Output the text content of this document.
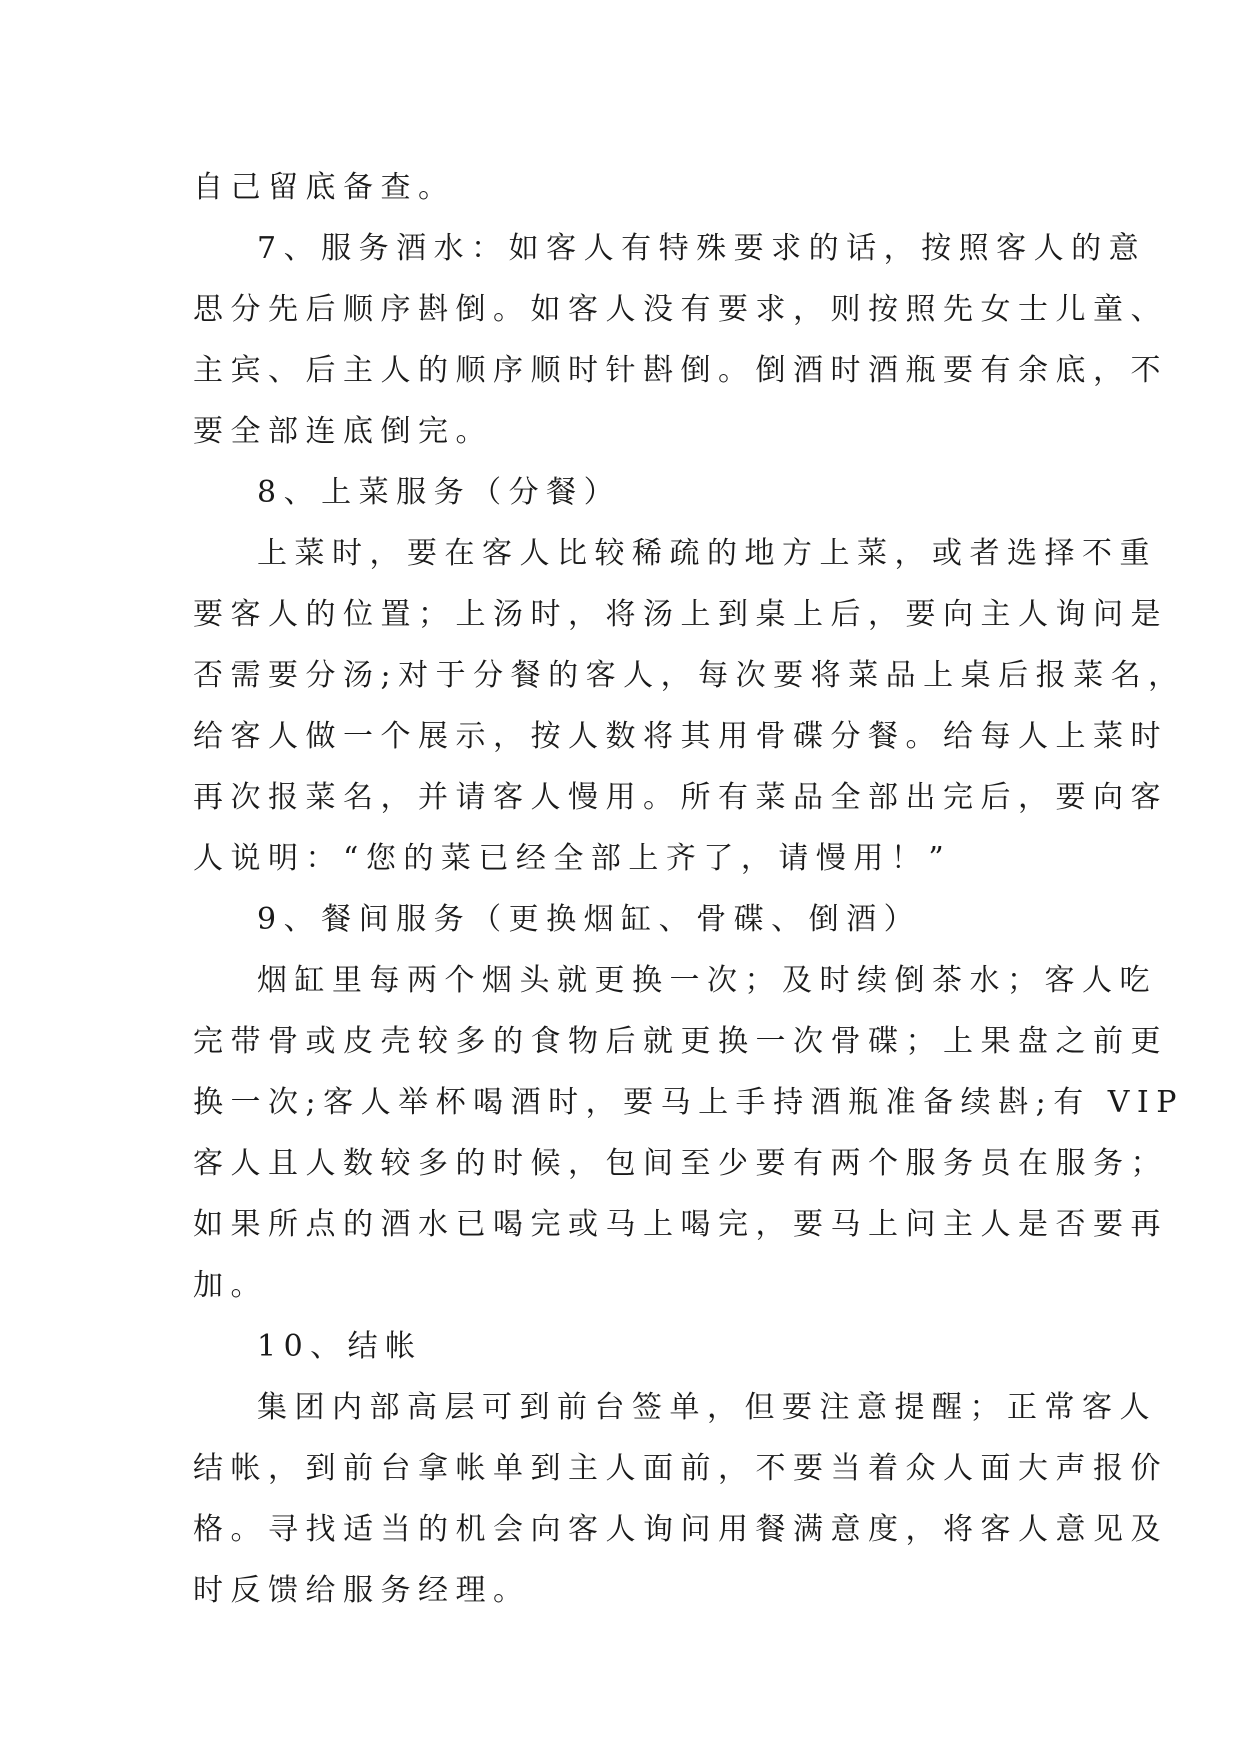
自己留底备查。
7、服务酒水：如客人有特殊要求的话，按照客人的意
思分先后顺序斟倒。如客人没有要求，则按照先女士儿童、
主宾、后主人的顺序顺时针斟倒。倒酒时酒瓶要有余底，不
要全部连底倒完。
8、上菜服务（分餐）
上菜时，要在客人比较稀疏的地方上菜，或者选择不重
要客人的位置；上汤时，将汤上到桌上后，要向主人询问是
否需要分汤;对于分餐的客人，每次要将菜品上桌后报菜名，
给客人做一个展示，按人数将其用骨碟分餐。给每人上菜时
再次报菜名，并请客人慢用。所有菜品全部出完后，要向客
人说明：“您的菜已经全部上齐了，请慢用！”
9、餐间服务（更换烟缸、骨碟、倒酒）
烟缸里每两个烟头就更换一次；及时续倒茶水；客人吃
完带骨或皮壳较多的食物后就更换一次骨碟；上果盘之前更
换一次;客人举杯喝酒时，要马上手持酒瓶准备续斟;有 VIP
客人且人数较多的时候，包间至少要有两个服务员在服务；
如果所点的酒水已喝完或马上喝完，要马上问主人是否要再
加。
10、结帐
集团内部高层可到前台签单，但要注意提醒；正常客人
结帐，到前台拿帐单到主人面前，不要当着众人面大声报价
格。寻找适当的机会向客人询问用餐满意度，将客人意见及
时反馈给服务经理。
